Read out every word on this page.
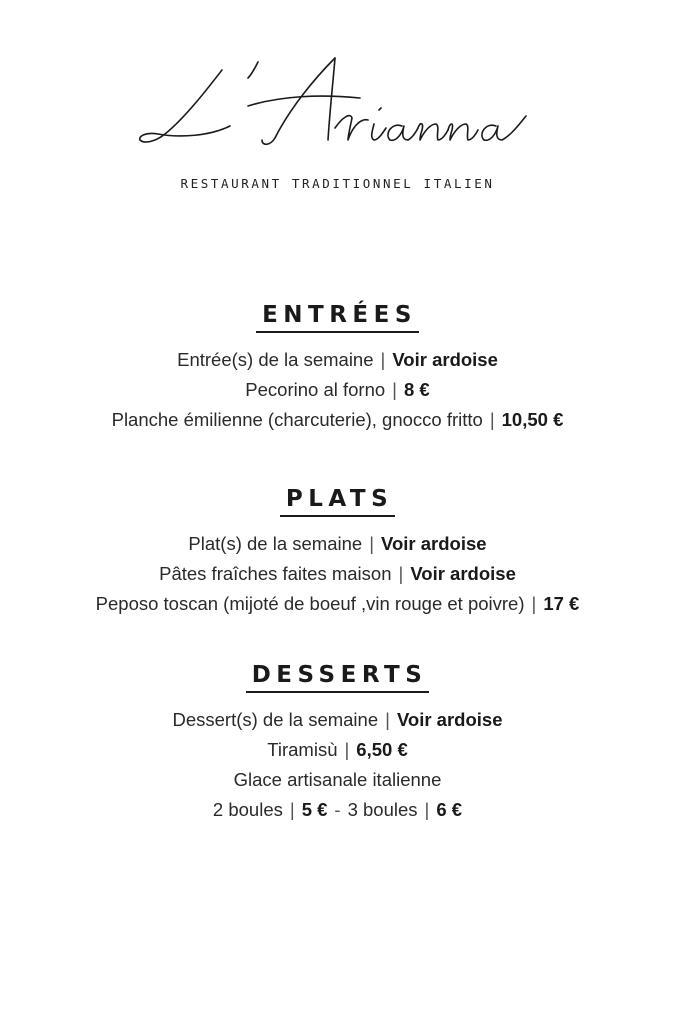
RESTAURANT TRADITIONNEL ITALIEN
ENTRÉES
Entrée(s) de la semaine | Voir ardoise
Pecorino al forno | 8 €
Planche émilienne (charcuterie), gnocco fritto | 10,50 €
PLATS
Plat(s) de la semaine | Voir ardoise
Pâtes fraîches faites maison | Voir ardoise
Peposo toscan (mijoté de boeuf ,vin rouge et poivre) | 17 €
DESSERTS
Dessert(s) de la semaine | Voir ardoise
Tiramisù | 6,50 €
Glace artisanale italienne
2 boules | 5 € - 3 boules | 6 €
